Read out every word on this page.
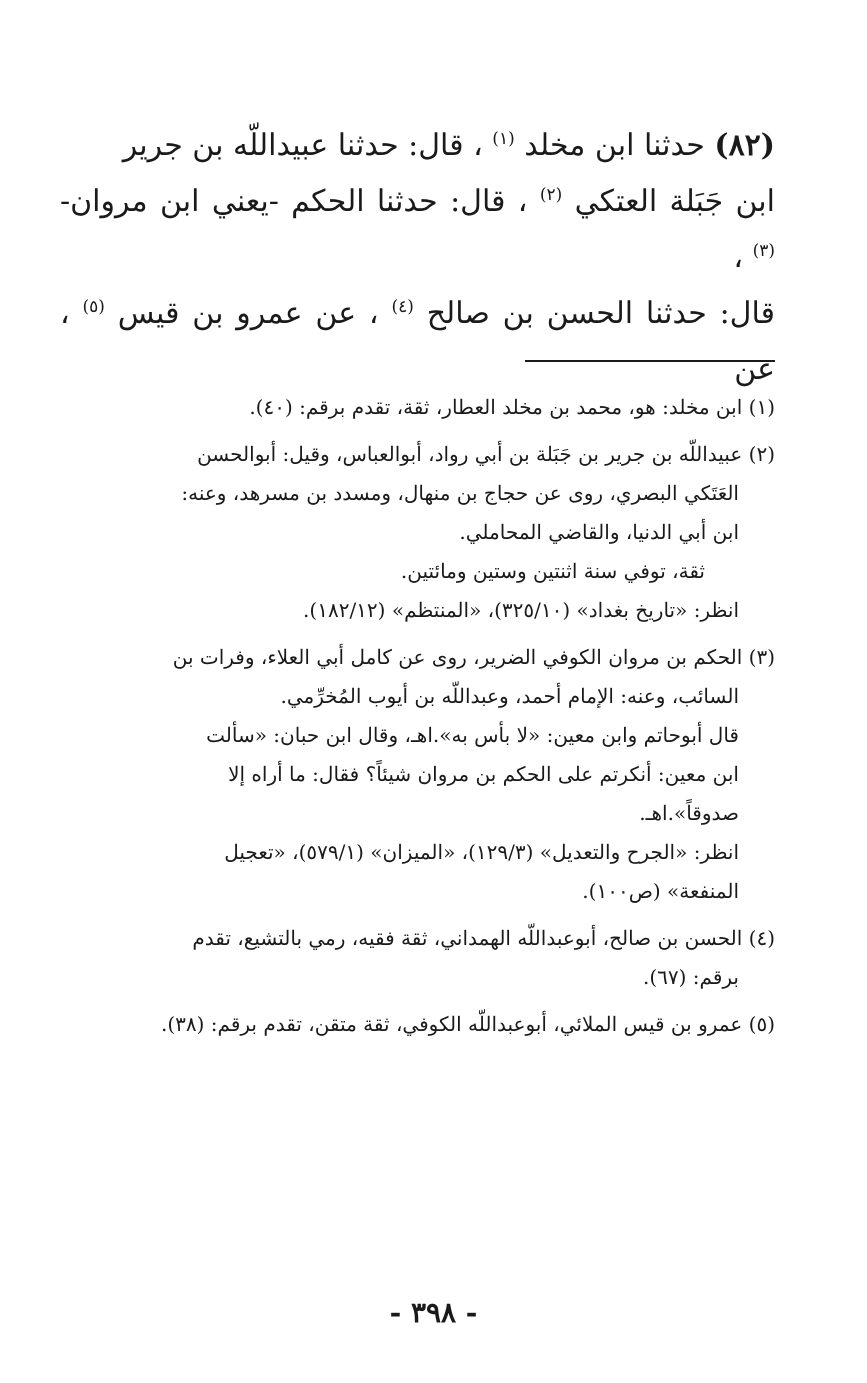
(٨٢) حدثنا ابن مخلد $^{(١)}$ ، قال: حدثنا عبيداللّه بن جرير
ابن جَبَلة العتكي $^{(٢)}$ ، قال: حدثنا الحكم -يعني ابن مروان- $^{(٣)}$ ،
قال: حدثنا الحسن بن صالح $^{(٤)}$ ، عن عمرو بن قيس $^{(٥)}$ ، عن
(١) ابن مخلد: هو، محمد بن مخلد العطار، ثقة، تقدم برقم: (٤٠).
(٢) عبيداللّه بن جرير بن جَبَلة بن أبي رواد، أبوالعباس، وقيل: أبوالحسن
العَتَكي البصري، روى عن حجاج بن منهال، ومسدد بن مسرهد، وعنه:
ابن أبي الدنيا، والقاضي المحاملي.
ثقة، توفي سنة اثنتين وستين ومائتين.
انظر: «تاريخ بغداد» (٣٢٥/١٠)، «المنتظم» (١٨٢/١٢).
(٣) الحكم بن مروان الكوفي الضرير، روى عن كامل أبي العلاء، وفرات بن
السائب، وعنه: الإمام أحمد، وعبداللّه بن أيوب المُخرِّمي.
قال أبوحاتم وابن معين: «لا بأس به».اهـ، وقال ابن حبان: «سألت
ابن معين: أنكرتم على الحكم بن مروان شيئاً؟ فقال: ما أراه إلا
صدوقاً».اهـ.
انظر: «الجرح والتعديل» (١٢٩/٣)، «الميزان» (٥٧٩/١)، «تعجيل
المنفعة» (ص١٠٠).
(٤) الحسن بن صالح، أبوعبداللّه الهمداني، ثقة فقيه، رمي بالتشيع، تقدم
برقم: (٦٧).
(٥) عمرو بن قيس الملائي، أبوعبداللّه الكوفي، ثقة متقن، تقدم برقم: (٣٨).
- ٣٩٨ -
